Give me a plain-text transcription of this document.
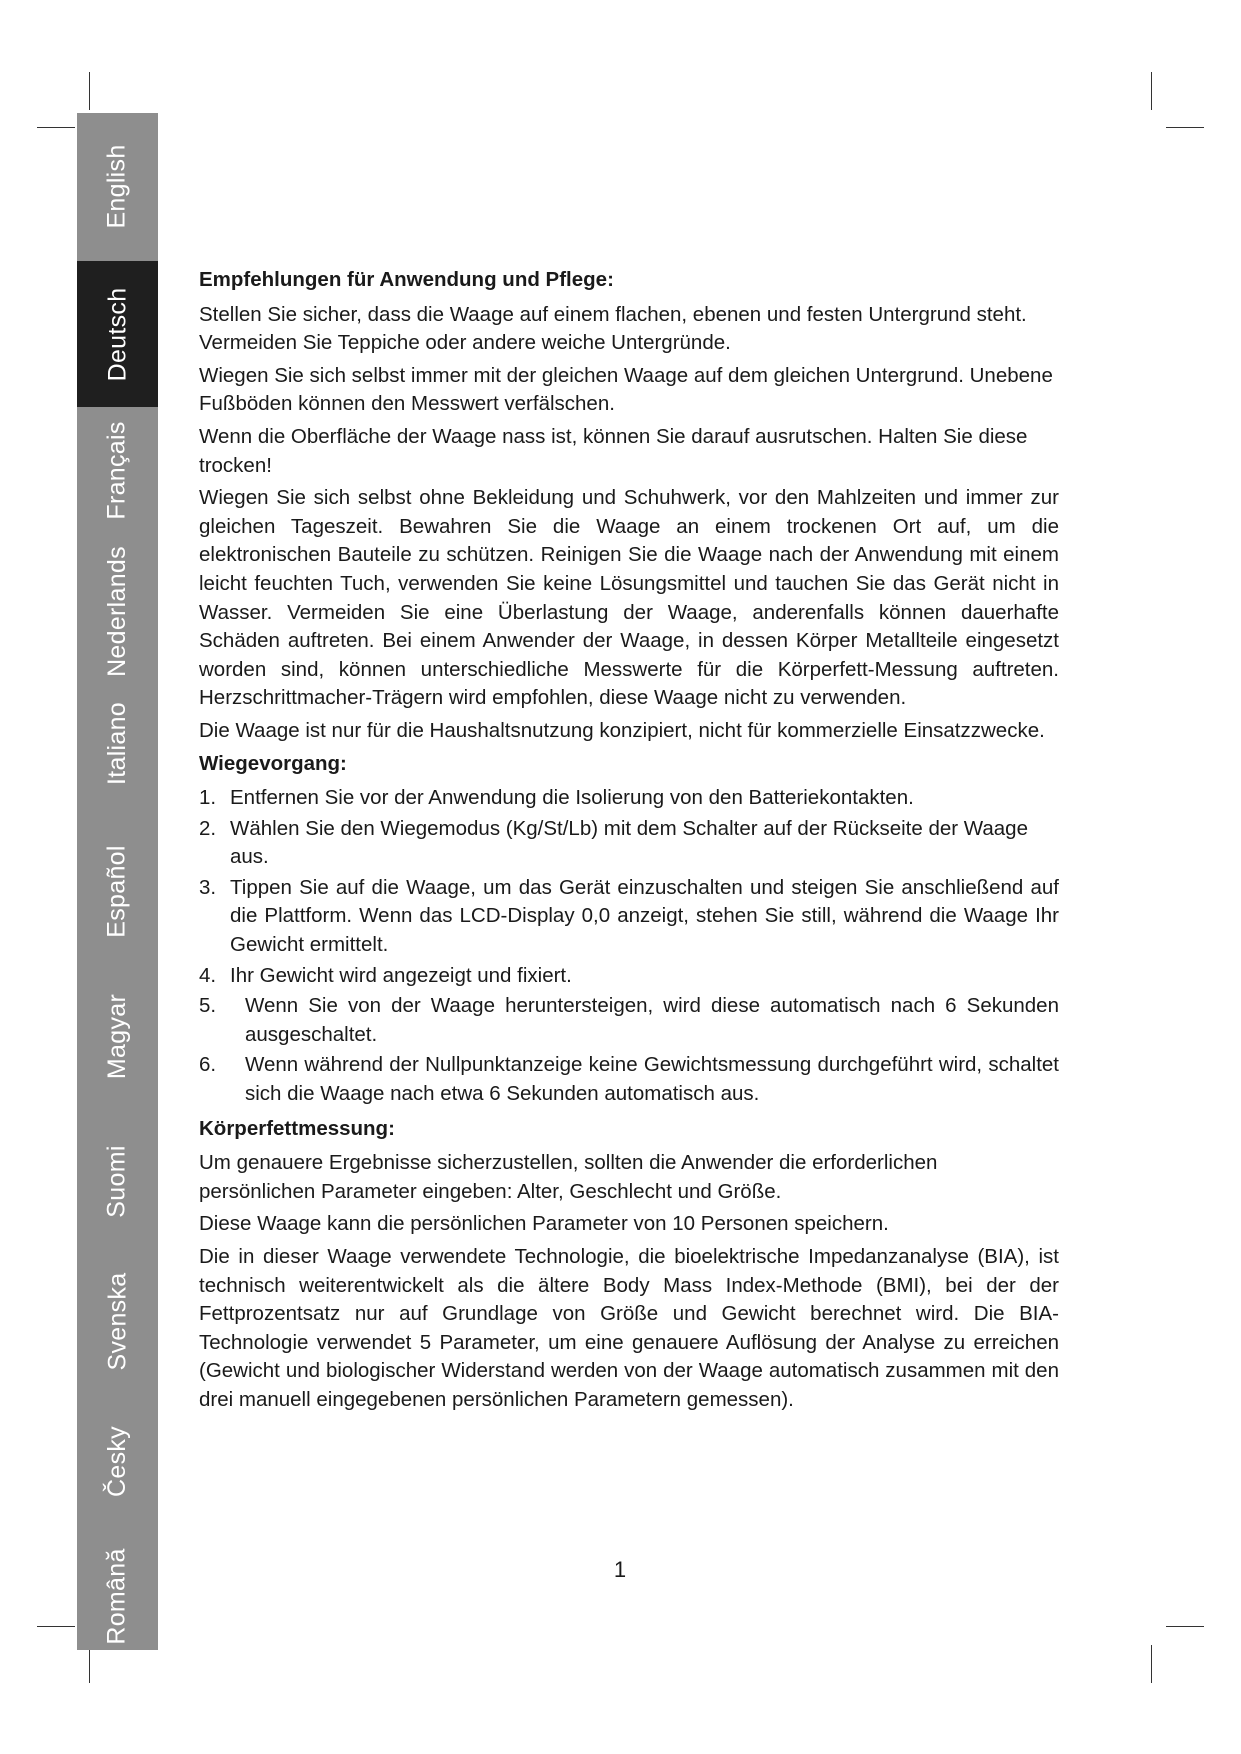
English
Deutsch
Français
Nederlands
Italiano
Español
Magyar
Suomi
Svenska
Česky
Română
Empfehlungen für Anwendung und Pflege:
Stellen Sie sicher, dass die Waage auf einem flachen, ebenen und festen Untergrund steht. Vermeiden Sie Teppiche oder andere weiche Untergründe.
Wiegen Sie sich selbst immer mit der gleichen Waage auf dem gleichen Untergrund. Unebene Fußböden können den Messwert verfälschen.
Wenn die Oberfläche der Waage nass ist, können Sie darauf ausrutschen. Halten Sie diese trocken!
Wiegen Sie sich selbst ohne Bekleidung und Schuhwerk, vor den Mahlzeiten und immer zur gleichen Tageszeit. Bewahren Sie die Waage an einem trockenen Ort auf, um die elektronischen Bauteile zu schützen. Reinigen Sie die Waage nach der Anwendung mit einem leicht feuchten Tuch, verwenden Sie keine Lösungsmittel und tauchen Sie das Gerät nicht in Wasser. Vermeiden Sie eine Überlastung der Waage, anderenfalls können dauerhafte Schäden auftreten. Bei einem Anwender der Waage, in dessen Körper Metallteile eingesetzt worden sind, können unterschiedliche Messwerte für die Körperfett-Messung auftreten. Herzschrittmacher-Trägern wird empfohlen, diese Waage nicht zu verwenden.
Die Waage ist nur für die Haushaltsnutzung konzipiert, nicht für kommerzielle Einsatzzwecke.
Wiegevorgang:
1. Entfernen Sie vor der Anwendung die Isolierung von den Batteriekontakten.
2. Wählen Sie den Wiegemodus (Kg/St/Lb) mit dem Schalter auf der Rückseite der Waage aus.
3. Tippen Sie auf die Waage, um das Gerät einzuschalten und steigen Sie anschließend auf die Plattform. Wenn das LCD-Display 0,0 anzeigt, stehen Sie still, während die Waage Ihr Gewicht ermittelt.
4. Ihr Gewicht wird angezeigt und fixiert.
5.	Wenn Sie von der Waage heruntersteigen, wird diese automatisch nach 6 Sekunden ausgeschaltet.
6.	Wenn während der Nullpunktanzeige keine Gewichtsmessung durchgeführt wird, schaltet sich die Waage nach etwa 6 Sekunden automatisch aus.
Körperfettmessung:
Um genauere Ergebnisse sicherzustellen, sollten die Anwender die erforderlichen persönlichen Parameter eingeben: Alter, Geschlecht und Größe.
Diese Waage kann die persönlichen Parameter von 10 Personen speichern.
Die in dieser Waage verwendete Technologie, die bioelektrische Impedanzanalyse (BIA), ist technisch weiterentwickelt als die ältere Body Mass Index-Methode (BMI), bei der der Fettprozentsatz nur auf Grundlage von Größe und Gewicht berechnet wird. Die BIA-Technologie verwendet 5 Parameter, um eine genauere Auflösung der Analyse zu erreichen (Gewicht und biologischer Widerstand werden von der Waage automatisch zusammen mit den drei manuell eingegebenen persönlichen Parametern gemessen).
1
